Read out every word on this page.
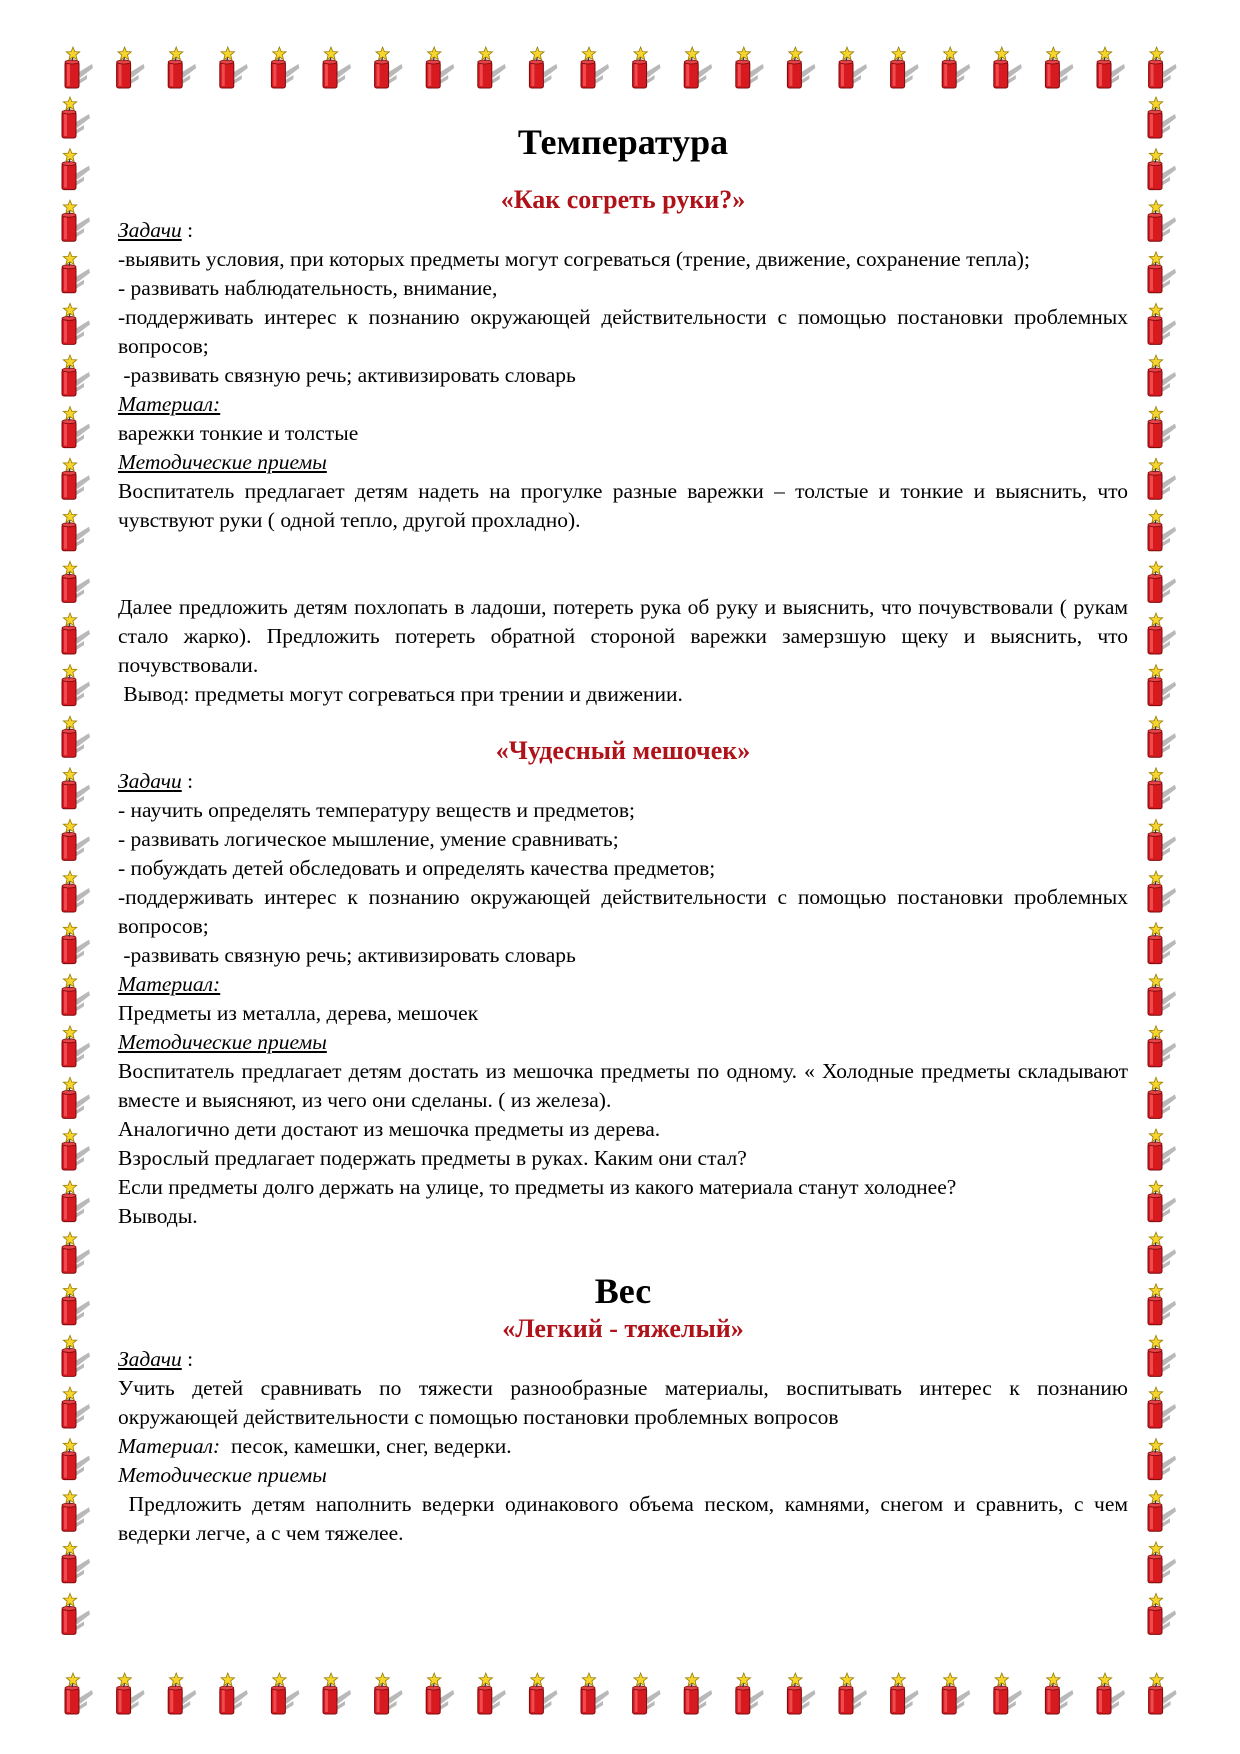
Температура
«Как согреть руки?»

Задачи :

-выявить условия, при которых предметы могут согреваться (трение, движение, сохранение тепла);

- развивать наблюдательность, внимание,

-поддерживать интерес к познанию окружающей действительности с помощью постановки проблемных вопросов;

-развивать связную речь; активизировать словарь

Материал:

варежки тонкие и толстые

Методические приемы

Воспитатель предлагает детям надеть на прогулке разные варежки – толстые и тонкие и выяснить, что чувствуют руки ( одной тепло, другой прохладно).

Далее предложить детям похлопать в ладоши, потереть рука об руку и выяснить, что почувствовали ( рукам стало жарко). Предложить потереть обратной стороной варежки замерзшую щеку и выяснить, что почувствовали.

Вывод: предметы могут согреваться при трении и движении.

«Чудесный мешочек»

Задачи :

- научить определять температуру веществ и предметов;

- развивать логическое мышление, умение сравнивать;

- побуждать детей обследовать и определять качества предметов;

-поддерживать интерес к познанию окружающей действительности с помощью постановки проблемных вопросов;

-развивать связную речь; активизировать словарь

Материал:

Предметы из металла, дерева, мешочек

Методические приемы

Воспитатель предлагает детям достать из мешочка предметы по одному. « Холодные предметы складывают вместе и выясняют, из чего они сделаны. ( из железа).

Аналогично дети достают из мешочка предметы из дерева.

Взрослый предлагает подержать предметы в руках. Каким они стал?

Если предметы долго держать на улице, то предметы из какого материала станут холоднее?

Выводы.

Вес
«Легкий - тяжелый»

Задачи :

Учить детей сравнивать по тяжести разнообразные материалы, воспитывать интерес к познанию окружающей действительности с помощью постановки проблемных вопросов

Материал:  песок, камешки, снег, ведерки.

Методические приемы

Предложить детям наполнить ведерки одинакового объема песком, камнями, снегом и сравнить, с чем ведерки легче, а с чем тяжелее.
